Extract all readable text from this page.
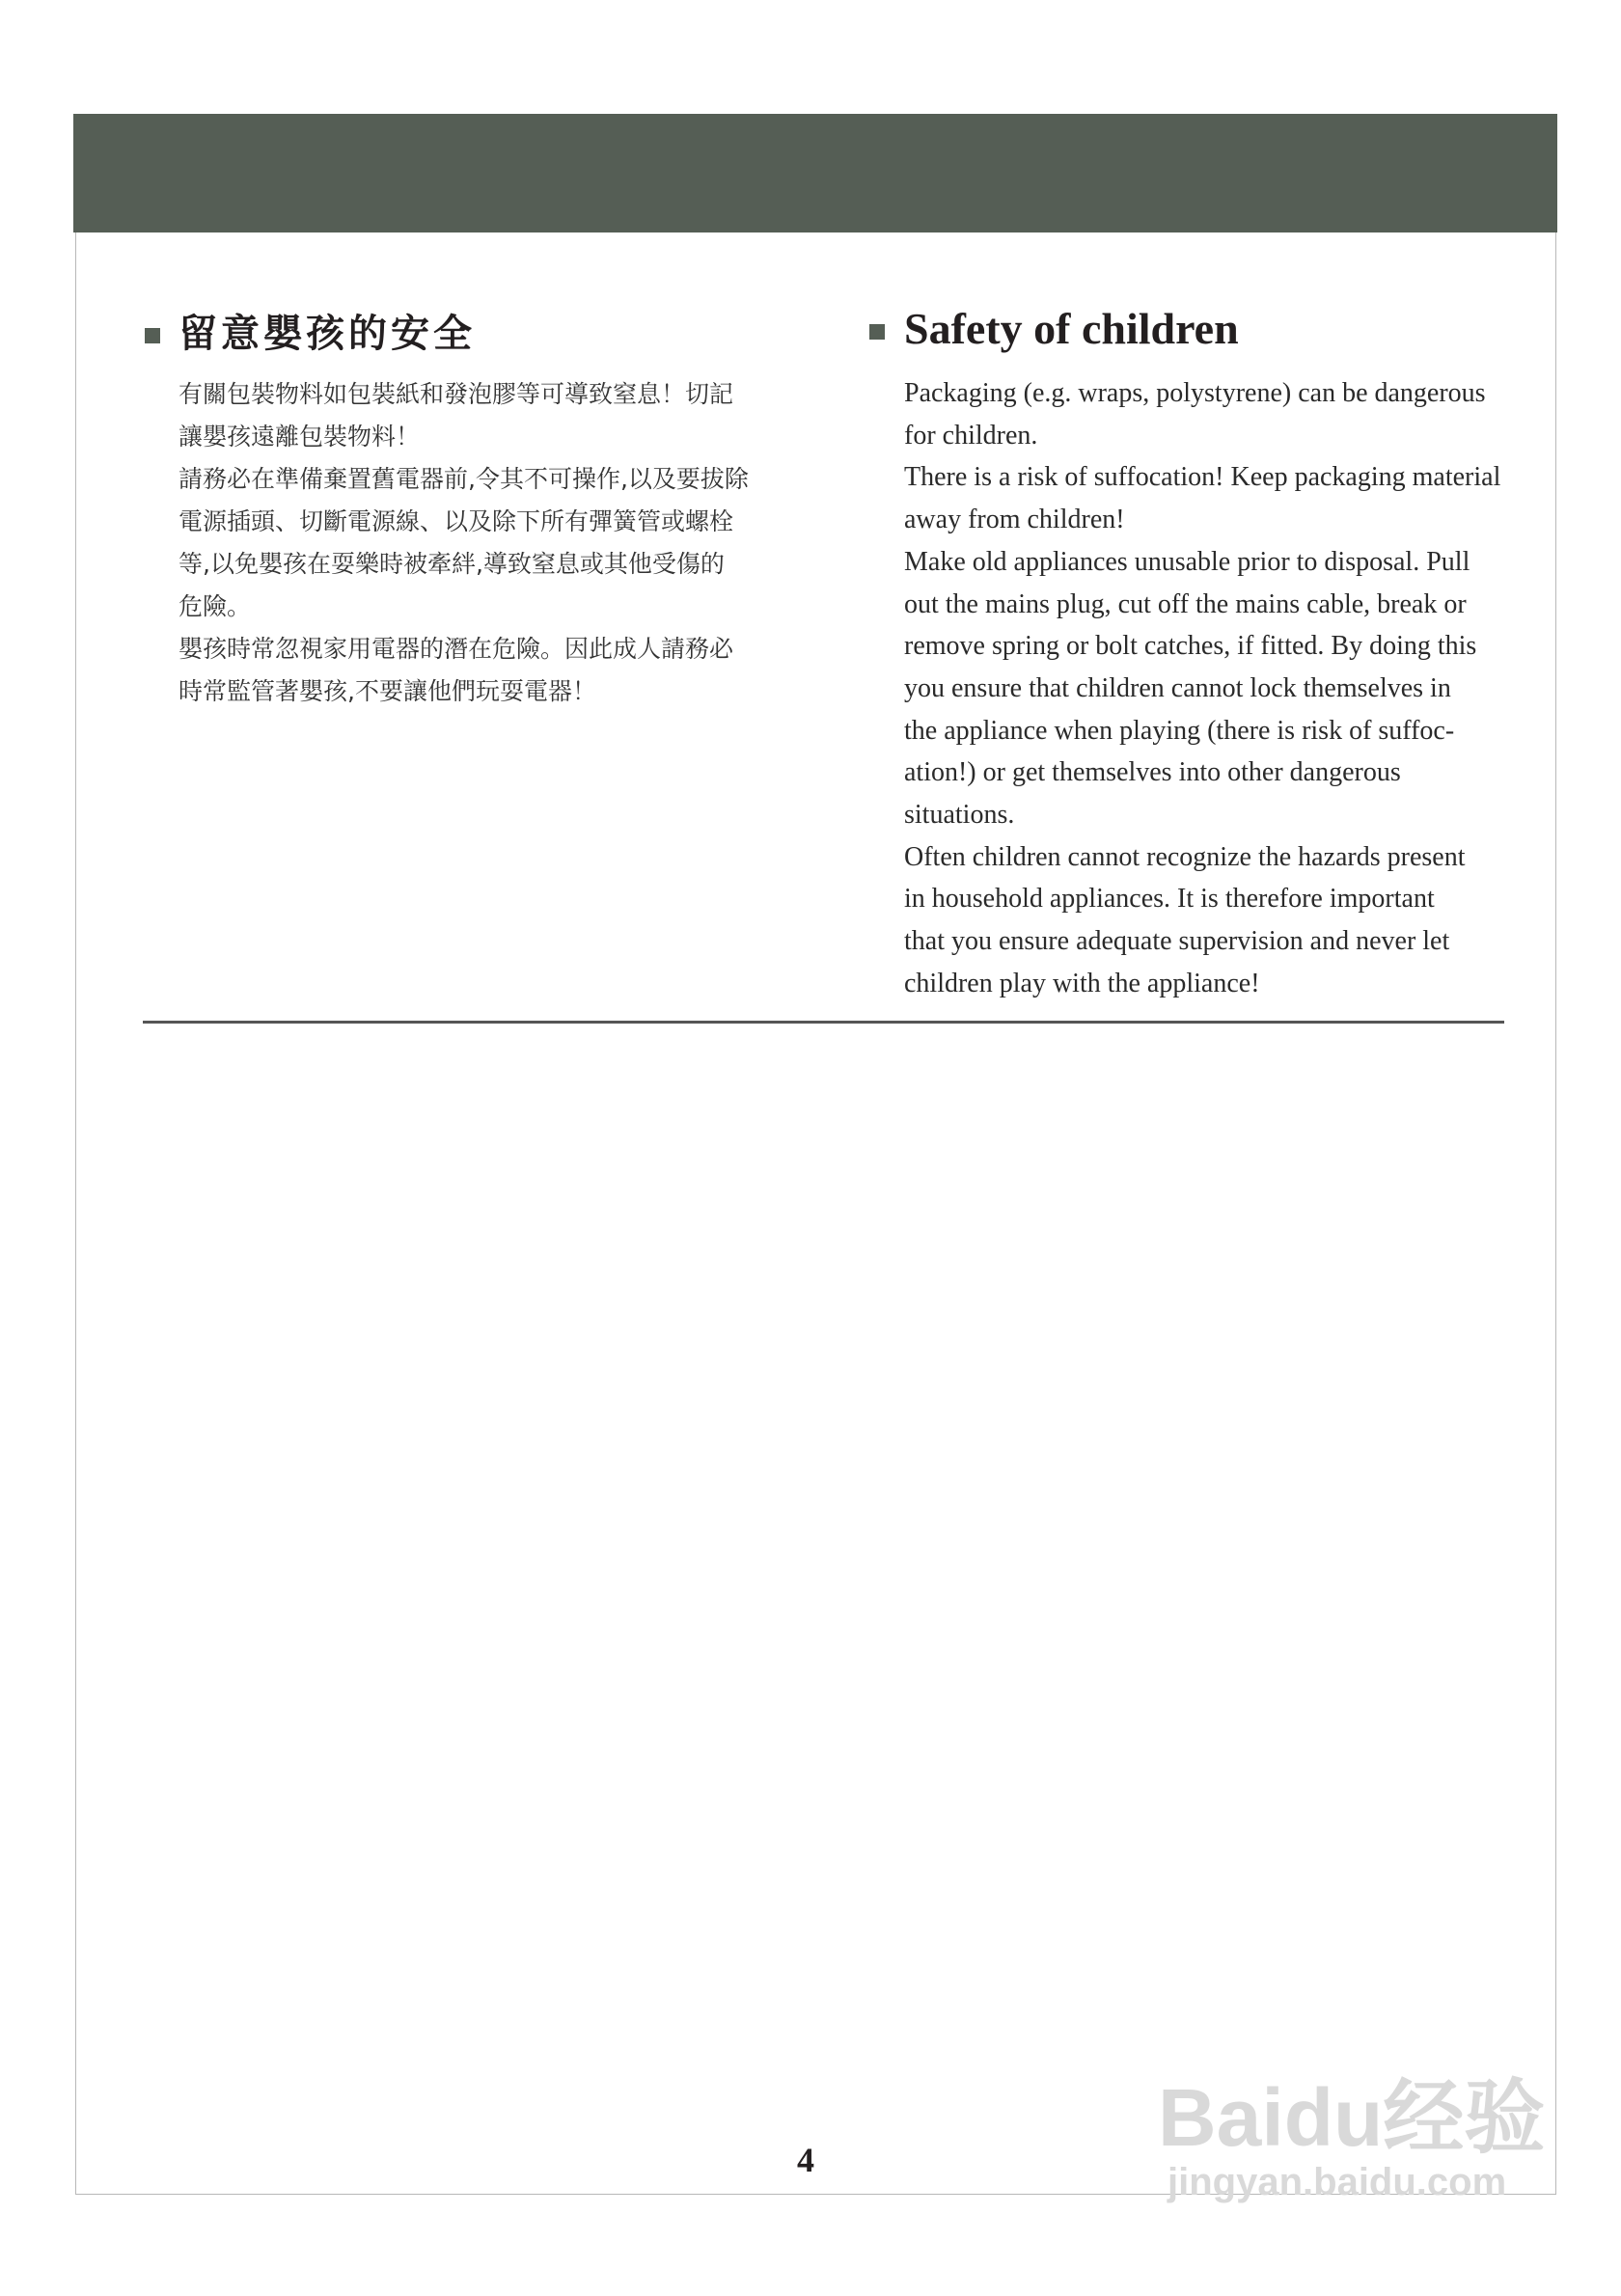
留意嬰孩的安全
有關包裝物料如包裝紙和發泡膠等可導致窒息！切記
讓嬰孩遠離包裝物料！
請務必在準備棄置舊電器前,令其不可操作,以及要拔除
電源插頭、切斷電源線、以及除下所有彈簧管或螺栓
等,以免嬰孩在耍樂時被牽絆,導致窒息或其他受傷的
危險。
嬰孩時常忽視家用電器的潛在危險。因此成人請務必
時常監管著嬰孩,不要讓他們玩耍電器！
Safety of children
Packaging (e.g. wraps, polystyrene) can be dangerous
for children.
There is a risk of suffocation! Keep packaging material
away from children!
Make old appliances unusable prior to disposal. Pull
out the mains plug, cut off the mains cable, break or
remove spring or bolt catches, if fitted. By doing this
you ensure that children cannot lock themselves in
the appliance when playing (there is risk of suffoc-
ation!) or get themselves into other dangerous
situations.
Often children cannot recognize the hazards present
in household appliances. It is therefore important
that you ensure adequate supervision and never let
children play with the appliance!
4	Baidu经验
jingyan.baidu.com
